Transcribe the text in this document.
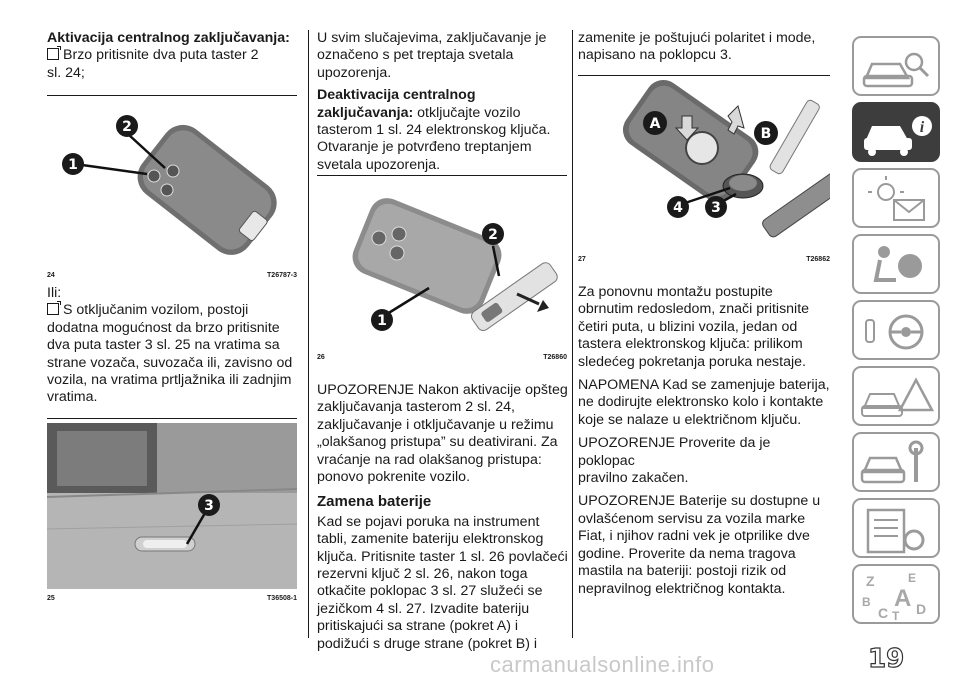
Aktivacija centralnog zaključavanja:

Brzo pritisnite dva puta taster 2

sl. 24;

1
2
24	T26787-3

Ili:

S otključanim vozilom, postoji

dodatna mogućnost da brzo pritisnite

dva puta taster 3 sl. 25 na vratima sa

strane vozača, suvozača ili, zavisno od

vozila, na vratima prtljažnika ili zadnjim

vratima.

3
25	T36508-1

U svim slučajevima, zaključavanje je

označeno s pet treptaja svetala

upozorenja.

Deaktivacija centralnog

zaključavanja: otključajte vozilo

tasterom 1 sl. 24 elektronskog ključa.

Otvaranje je potvrđeno treptanjem

svetala upozorenja.

1
2
26	T26860

UPOZORENJE Nakon aktivacije opšteg

zaključavanja tasterom 2 sl. 24,

zaključavanje i otključavanje u režimu

„olakšanog pristupa” su deativirani. Za

vraćanje na rad olakšanog pristupa:

ponovo pokrenite vozilo.

Zamena baterije

Kad se pojavi poruka na instrument

tabli, zamenite bateriju elektronskog

ključa. Pritisnite taster 1 sl. 26 povlačeći

rezervni ključ 2 sl. 26, nakon toga

otkačite poklopac 3 sl. 27 služeći se

jezičkom 4 sl. 27. Izvadite bateriju

pritiskajući sa strane (pokret A) i

podižući s druge strane (pokret B) i

zamenite je poštujući polaritet i mode,

napisano na poklopcu 3.

A
B
4 3
27	T26862

Za ponovnu montažu postupite

obrnutim redosledom, znači pritisnite

četiri puta, u blizini vozila, jedan od

tastera elektronskog ključa: prilikom

sledećeg pokretanja poruka nestaje.

NAPOMENA Kad se zamenjuje baterija,

ne dodirujte elektronsko kolo i kontakte

koje se nalaze u električnom ključu.

UPOZORENJE Proverite da je poklopac

pravilno zakačen.

UPOZORENJE Baterije su dostupne u

ovlašćenom servisu za vozila marke

Fiat, i njihov radni vek je otprilike dve

godine. Proverite da nema tragova

mastila na bateriji: postoji rizik od

nepravilnog električnog kontakta.

i
Z	E
B
C T
A D
carmanualsonline.info	19
